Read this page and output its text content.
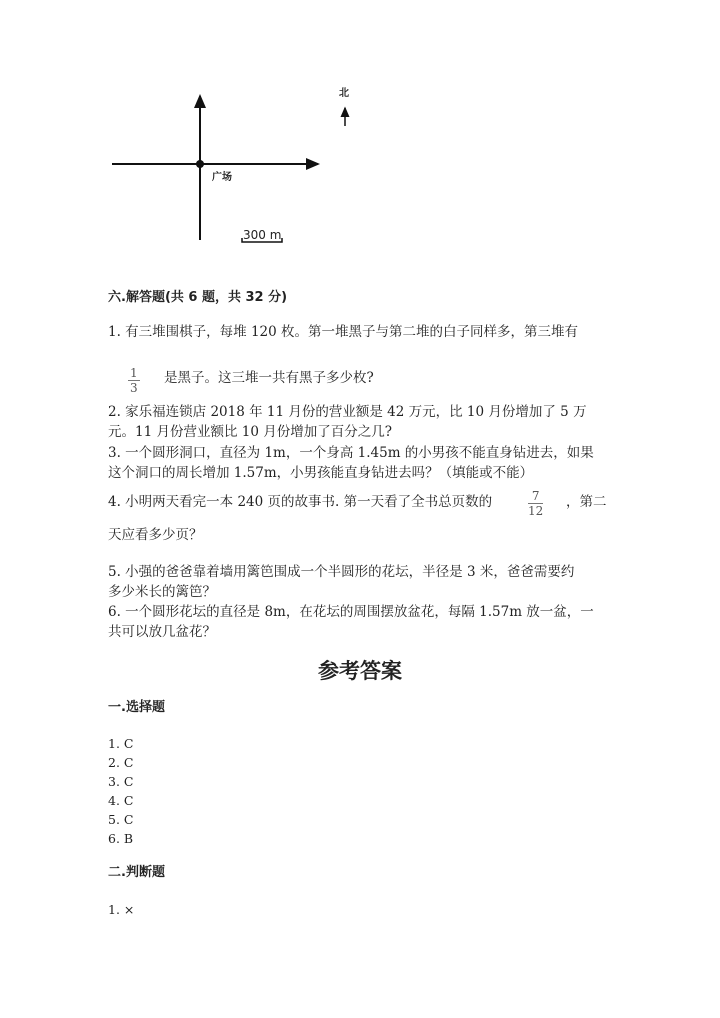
广场
北
300 m
六.解答题(共 6 题，共 32 分)
1. 有三堆围棋子，每堆 120 枚。第一堆黑子与第二堆的白子同样多，第三堆有
$\frac{1}{3}$ 是黑子。这三堆一共有黑子多少枚?
2. 家乐福连锁店 2018 年 11 月份的营业额是 42 万元，比 10 月份增加了 5 万
元。11 月份营业额比 10 月份增加了百分之几?
3. 一个圆形洞口，直径为 1m，一个身高 1.45m 的小男孩不能直身钻进去，如果
这个洞口的周长增加 1.57m，小男孩能直身钻进去吗？（填能或不能）
4. 小明两天看完一本 240 页的故事书. 第一天看了全书总页数的	$\frac{7}{12}$ ，第二
天应看多少页？
5. 小强的爸爸靠着墙用篱笆围成一个半圆形的花坛，半径是 3 米，爸爸需要约
多少米长的篱笆？
6. 一个圆形花坛的直径是 8m，在花坛的周围摆放盆花，每隔 1.57m 放一盆，一
共可以放几盆花？
参考答案
一.选择题
1. C
2. C
3. C
4. C
5. C
6. B
二.判断题
1. ×
